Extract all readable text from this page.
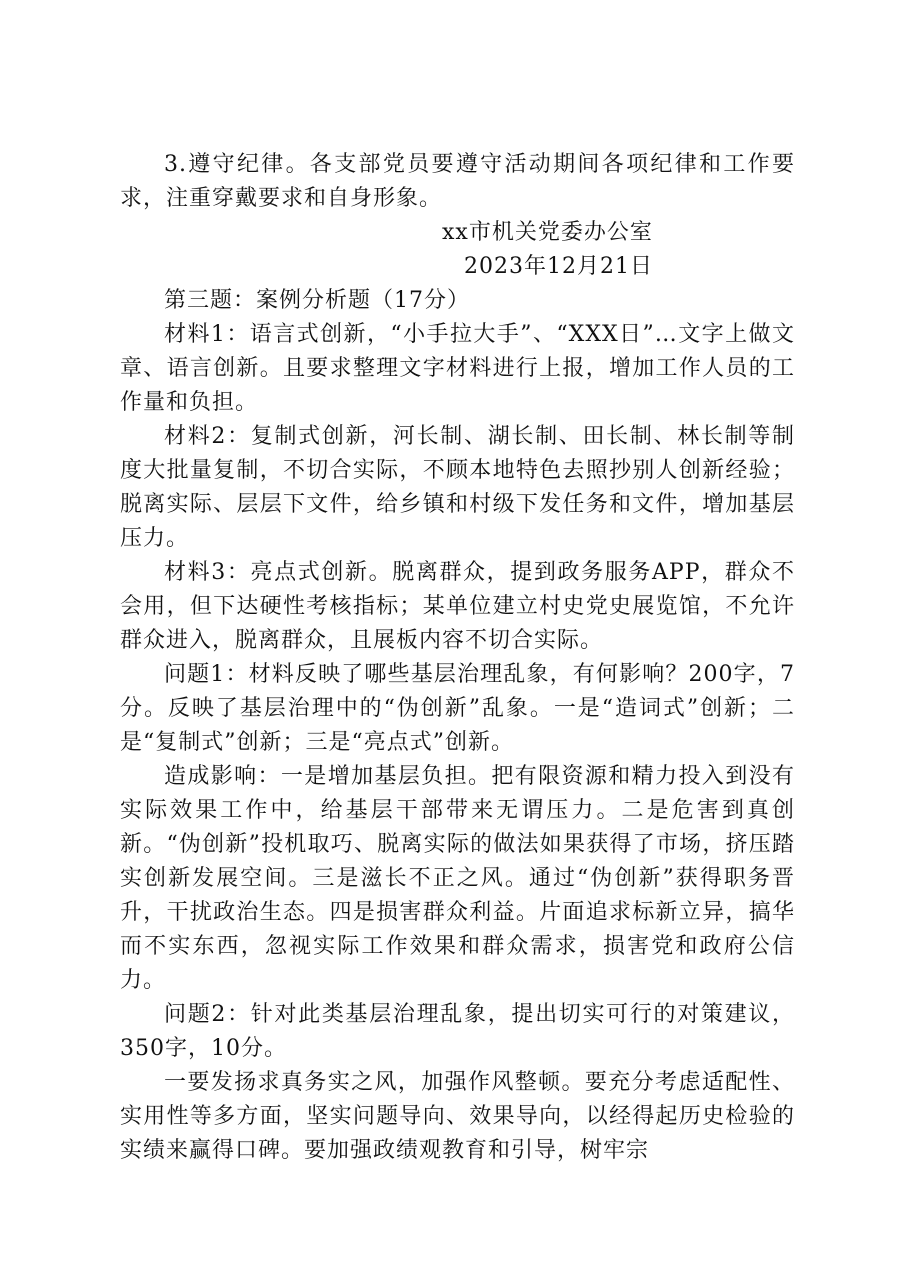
3.遵守纪律。各支部党员要遵守活动期间各项纪律和工作要求，注重穿戴要求和自身形象。

xx市机关党委办公室

2023年12月21日

第三题：案例分析题（17分）

材料1：语言式创新，“小手拉大手”、“XXX日”…文字上做文章、语言创新。且要求整理文字材料进行上报，增加工作人员的工作量和负担。

材料2：复制式创新，河长制、湖长制、田长制、林长制等制度大批量复制，不切合实际，不顾本地特色去照抄别人创新经验；脱离实际、层层下文件，给乡镇和村级下发任务和文件，增加基层压力。

材料3：亮点式创新。脱离群众，提到政务服务APP，群众不会用，但下达硬性考核指标；某单位建立村史党史展览馆，不允许群众进入，脱离群众，且展板内容不切合实际。

问题1：材料反映了哪些基层治理乱象，有何影响？200字，7分。反映了基层治理中的“伪创新”乱象。一是“造词式”创新；二是“复制式”创新；三是“亮点式”创新。

造成影响：一是增加基层负担。把有限资源和精力投入到没有实际效果工作中，给基层干部带来无谓压力。二是危害到真创新。“伪创新”投机取巧、脱离实际的做法如果获得了市场，挤压踏实创新发展空间。三是滋长不正之风。通过“伪创新”获得职务晋升，干扰政治生态。四是损害群众利益。片面追求标新立异，搞华而不实东西，忽视实际工作效果和群众需求，损害党和政府公信力。

问题2：针对此类基层治理乱象，提出切实可行的对策建议，350字，10分。

一要发扬求真务实之风，加强作风整顿。要充分考虑适配性、实用性等多方面，坚实问题导向、效果导向，以经得起历史检验的实绩来赢得口碑。要加强政绩观教育和引导，树牢宗
